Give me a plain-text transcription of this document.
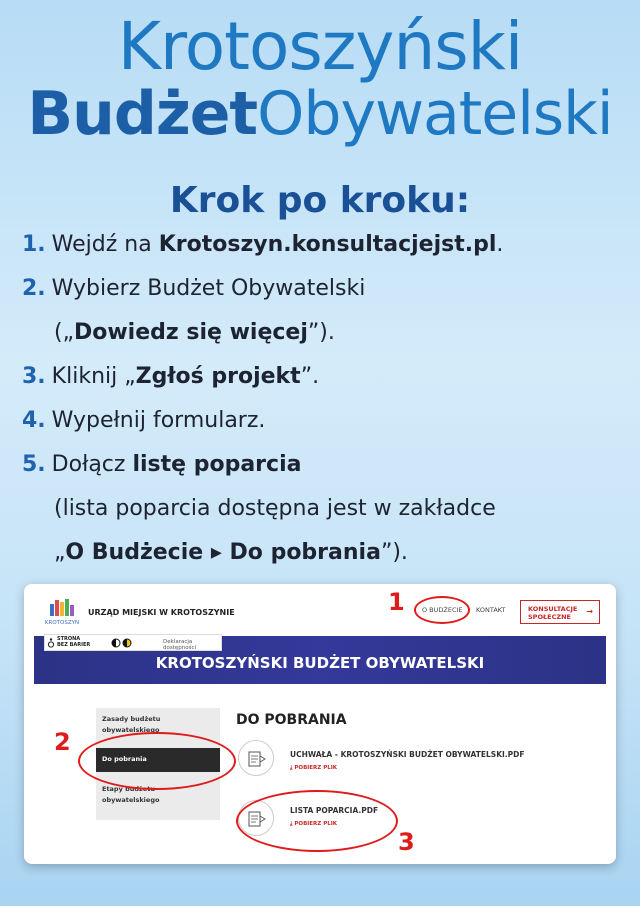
Krotoszyński
BudżetObywatelski
Krok po kroku:
1. Wejdź na Krotoszyn.konsultacjejst.pl.
2. Wybierz Budżet Obywatelski
(„Dowiedz się więcej”).
3. Kliknij „Zgłoś projekt”.
4. Wypełnij formularz.
5. Dołącz listę poparcia
(lista poparcia dostępna jest w zakładce
„O Budżecie ▸ Do pobrania”).
KROTOSZYN
URZĄD MIEJSKI W KROTOSZYNIE	O BUDŻECIE KONTAKT	KONSULTACJE
SPOŁECZNE
→
KROTOSZYŃSKI BUDŻET OBYWATELSKI
STRONA
BEZ BARIER	Deklaracja dostępności
Zasady budżetu
obywatelskiego
Do pobrania
Etapy budżetu
obywatelskiego
DO POBRANIA
UCHWAŁA - KROTOSZYŃSKI BUDŻET OBYWATELSKI.PDF
⤓ POBIERZ PLIK
LISTA POPARCIA.PDF
⤓ POBIERZ PLIK
1
2
3
